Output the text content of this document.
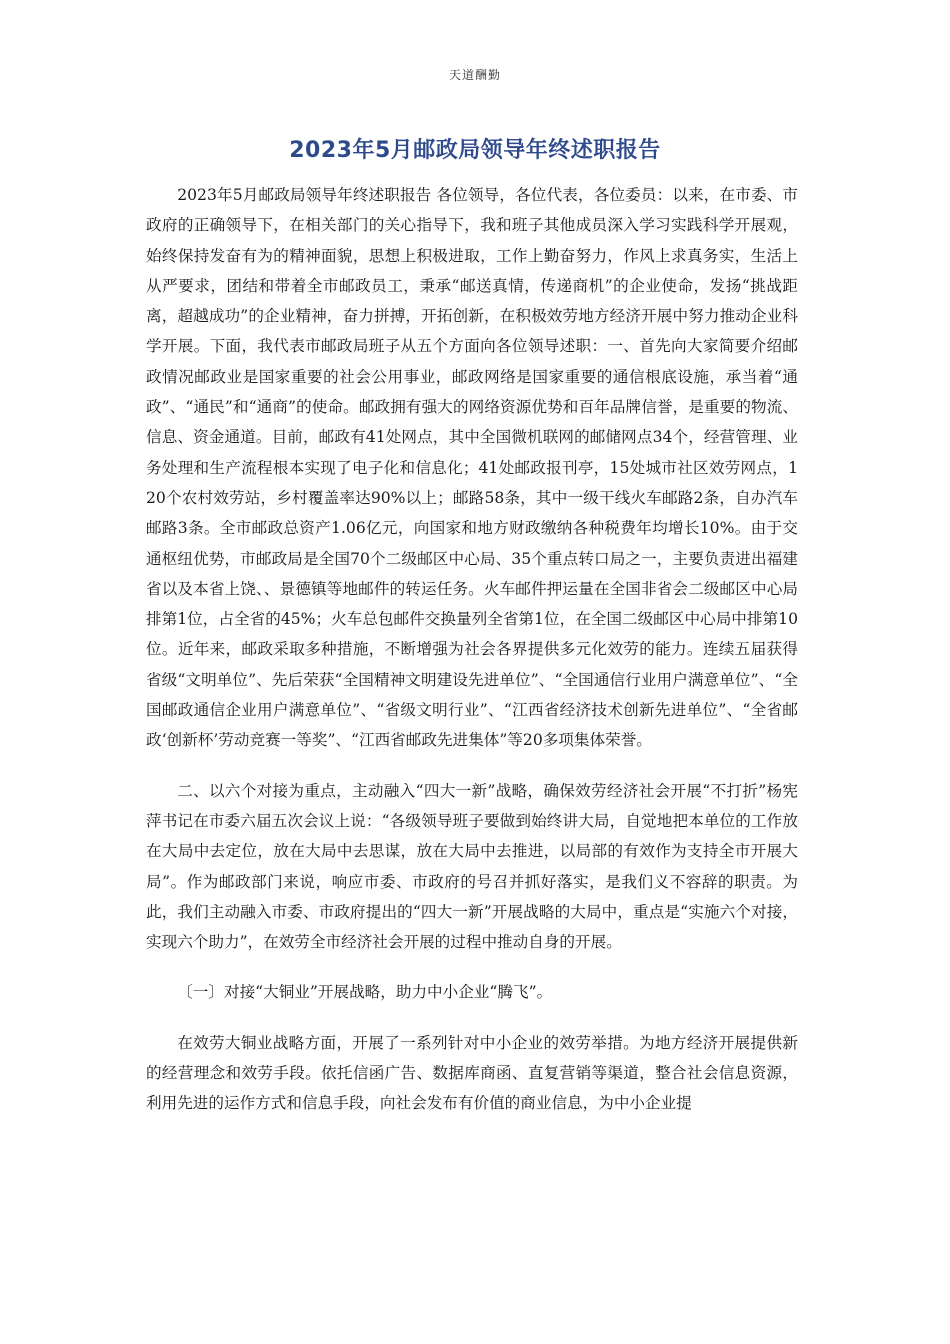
天道酬勤
2023年5月邮政局领导年终述职报告

2023年5月邮政局领导年终述职报告 各位领导，各位代表，各位委员：以来，在市委、市政府的正确领导下，在相关部门的关心指导下，我和班子其他成员深入学习实践科学开展观，始终保持发奋有为的精神面貌，思想上积极进取，工作上勤奋努力，作风上求真务实，生活上从严要求，团结和带着全市邮政员工，秉承“邮送真情，传递商机”的企业使命，发扬“挑战距离，超越成功”的企业精神，奋力拼搏，开拓创新，在积极效劳地方经济开展中努力推动企业科学开展。下面，我代表市邮政局班子从五个方面向各位领导述职：一、首先向大家简要介绍邮政情况邮政业是国家重要的社会公用事业，邮政网络是国家重要的通信根底设施，承当着“通政”、“通民”和“通商”的使命。邮政拥有强大的网络资源优势和百年品牌信誉，是重要的物流、信息、资金通道。目前，邮政有41处网点，其中全国微机联网的邮储网点34个，经营管理、业务处理和生产流程根本实现了电子化和信息化；41处邮政报刊亭，15处城市社区效劳网点，120个农村效劳站，乡村覆盖率达90%以上；邮路58条，其中一级干线火车邮路2条，自办汽车邮路3条。全市邮政总资产1.06亿元，向国家和地方财政缴纳各种税费年均增长10%。由于交通枢纽优势，市邮政局是全国70个二级邮区中心局、35个重点转口局之一，主要负责进出福建省以及本省上饶、、景德镇等地邮件的转运任务。火车邮件押运量在全国非省会二级邮区中心局排第1位，占全省的45%；火车总包邮件交换量列全省第1位，在全国二级邮区中心局中排第10位。近年来，邮政采取多种措施，不断增强为社会各界提供多元化效劳的能力。连续五届获得省级“文明单位”、先后荣获“全国精神文明建设先进单位”、“全国通信行业用户满意单位”、“全国邮政通信企业用户满意单位”、“省级文明行业”、“江西省经济技术创新先进单位”、“全省邮政‘创新杯’劳动竞赛一等奖”、“江西省邮政先进集体”等20多项集体荣誉。

二、以六个对接为重点，主动融入“四大一新”战略，确保效劳经济社会开展“不打折”杨宪萍书记在市委六届五次会议上说：“各级领导班子要做到始终讲大局，自觉地把本单位的工作放在大局中去定位，放在大局中去思谋，放在大局中去推进，以局部的有效作为支持全市开展大局”。作为邮政部门来说，响应市委、市政府的号召并抓好落实，是我们义不容辞的职责。为此，我们主动融入市委、市政府提出的“四大一新”开展战略的大局中，重点是“实施六个对接，实现六个助力”，在效劳全市经济社会开展的过程中推动自身的开展。

〔一〕对接“大铜业”开展战略，助力中小企业“腾飞”。

在效劳大铜业战略方面，开展了一系列针对中小企业的效劳举措。为地方经济开展提供新的经营理念和效劳手段。依托信函广告、数据库商函、直复营销等渠道，整合社会信息资源，利用先进的运作方式和信息手段，向社会发布有价值的商业信息，为中小企业提
